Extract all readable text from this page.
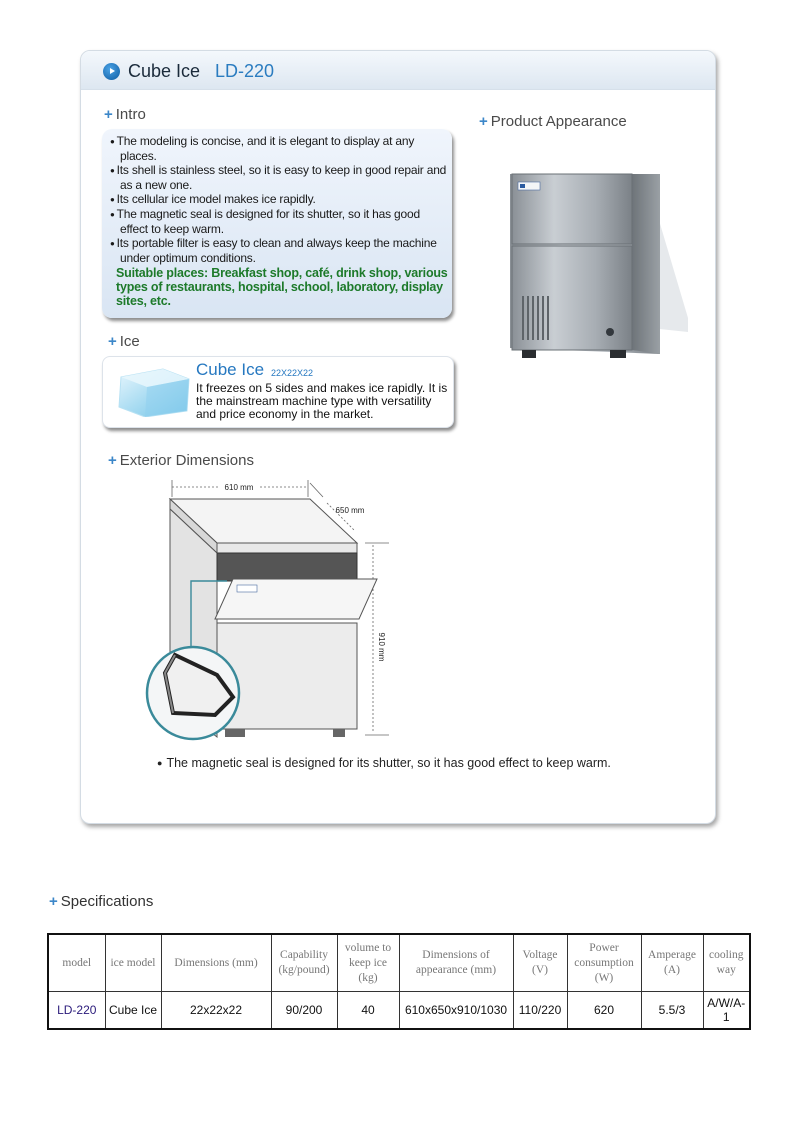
Cube Ice LD-220
+ Intro
● The modeling is concise, and it is elegant to display at any places.
● Its shell is stainless steel, so it is easy to keep in good repair and as a new one.
● Its cellular ice model makes ice rapidly.
● The magnetic seal is designed for its shutter, so it has good effect to keep warm.
● Its portable filter is easy to clean and always keep the machine under optimum conditions.
Suitable places: Breakfast shop, café, drink shop, various types of restaurants, hospital, school, laboratory, display sites, etc.
+ Product Appearance
+ Ice
Cube Ice 22X22X22
It freezes on 5 sides and makes ice rapidly. It is the mainstream machine type with versatility and price economy in the market.
+ Exterior Dimensions
610 mm
650 mm
910 mm
● The magnetic seal is designed for its shutter, so it has good effect to keep warm.
+ Specifications
model	ice model	Dimensions (mm)	Capability (kg/pound)	volume to keep ice (kg)	Dimensions of appearance (mm)	Voltage (V)	Power consumption (W)	Amperage (A)	cooling way
LD-220	Cube Ice	22x22x22	90/200	40	610x650x910/1030	110/220	620	5.5/3	A/W/A-1
